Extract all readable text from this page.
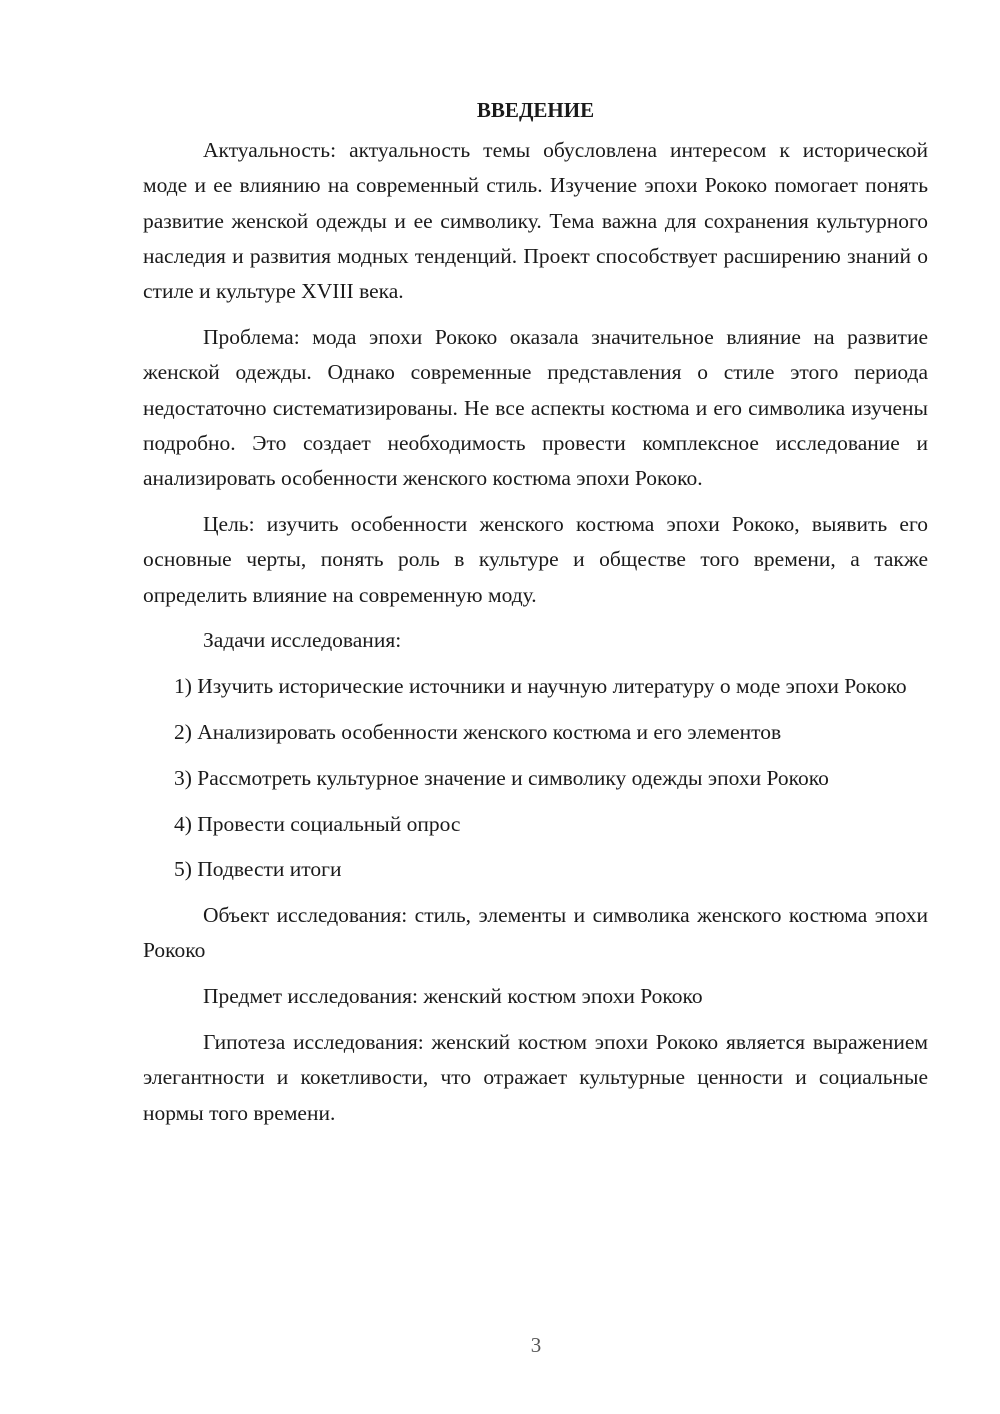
ВВЕДЕНИЕ

Актуальность: актуальность темы обусловлена интересом к исторической моде и ее влиянию на современный стиль. Изучение эпохи Рококо помогает понять развитие женской одежды и ее символику. Тема важна для сохранения культурного наследия и развития модных тенденций. Проект способствует расширению знаний о стиле и культуре XVIII века.

Проблема: мода эпохи Рококо оказала значительное влияние на развитие женской одежды. Однако современные представления о стиле этого периода недостаточно систематизированы. Не все аспекты костюма и его символика изучены подробно. Это создает необходимость провести комплексное исследование и анализировать особенности женского костюма эпохи Рококо.

Цель: изучить особенности женского костюма эпохи Рококо, выявить его основные черты, понять роль в культуре и обществе того времени, а также определить влияние на современную моду.

Задачи исследования:

1) Изучить исторические источники и научную литературу о моде эпохи Рококо

2) Анализировать особенности женского костюма и его элементов

3) Рассмотреть культурное значение и символику одежды эпохи Рококо

4) Провести социальный опрос

5) Подвести итоги

Объект исследования: стиль, элементы и символика женского костюма эпохи Рококо

Предмет исследования: женский костюм эпохи Рококо

Гипотеза исследования: женский костюм эпохи Рококо является выражением элегантности и кокетливости, что отражает культурные ценности и социальные нормы того времени.

3
